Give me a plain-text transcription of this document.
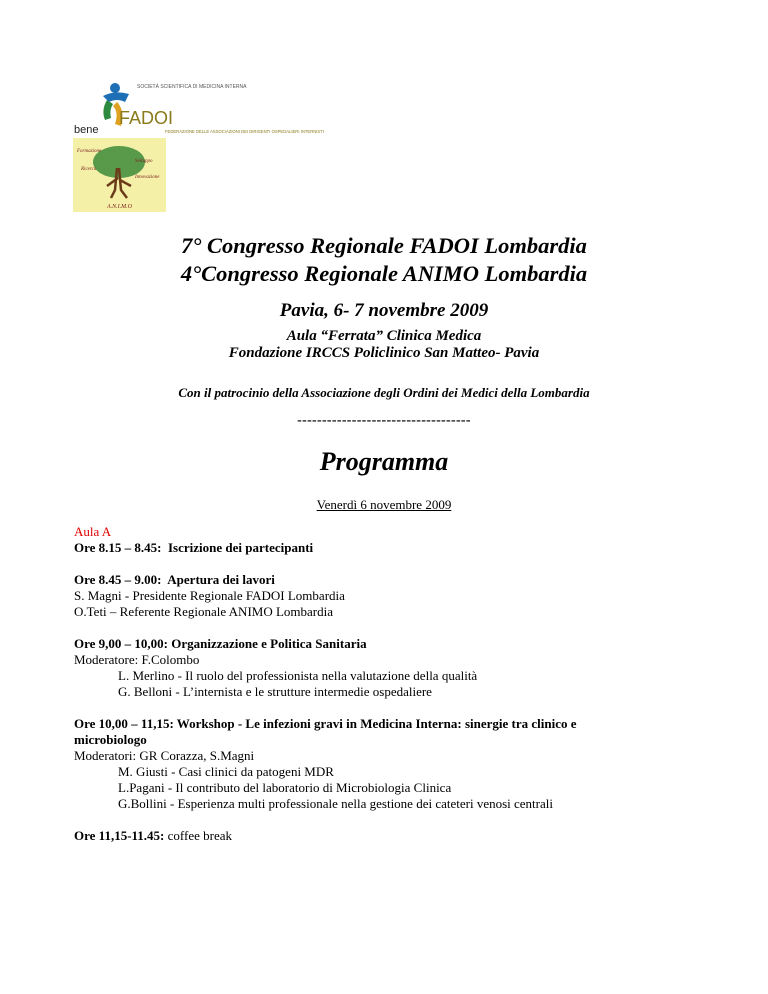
FADOI
SOCIETÀ SCIENTIFICA DI MEDICINA INTERNA
FEDERAZIONE DELLE ASSOCIAZIONI DEI DIRIGENTI OSPEDALIERI INTERNISTI
bene
Formazione
Ricerca
Sviluppo
Innovazione
A.N.I.M.O

7° Congresso Regionale FADOI Lombardia

4°Congresso Regionale ANIMO Lombardia

Pavia, 6- 7 novembre 2009
Aula “Ferrata” Clinica Medica
Fondazione IRCCS Policlinico San Matteo- Pavia
Con il patrocinio della Associazione degli Ordini dei Medici della Lombardia
-----------------------------------
Programma
Venerdì 6 novembre 2009

Aula A

Ore 8.15 – 8.45: Iscrizione dei partecipanti

Ore 8.45 – 9.00: Apertura dei lavori

S. Magni - Presidente Regionale FADOI Lombardia

O.Teti – Referente Regionale ANIMO Lombardia

Ore 9,00 – 10,00: Organizzazione e Politica Sanitaria

Moderatore: F.Colombo

L. Merlino - Il ruolo del professionista nella valutazione della qualità

G. Belloni - L’internista e le strutture intermedie ospedaliere

Ore 10,00 – 11,15: Workshop - Le infezioni gravi in Medicina Interna: sinergie tra clinico e

microbiologo

Moderatori: GR Corazza, S.Magni

M. Giusti - Casi clinici da patogeni MDR

L.Pagani - Il contributo del laboratorio di Microbiologia Clinica

G.Bollini - Esperienza multi professionale nella gestione dei cateteri venosi centrali

Ore 11,15-11.45: coffee break
